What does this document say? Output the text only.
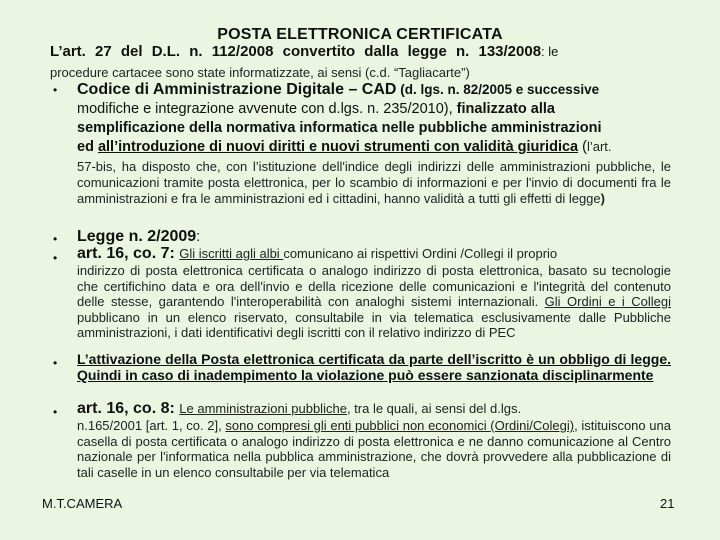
POSTA ELETTRONICA CERTIFICATA
L’art. 27 del D.L. n. 112/2008 convertito dalla legge n. 133/2008: le
procedure cartacee sono state informatizzate, ai sensi (c.d. “Tagliacarte”)
•	Codice di Amministrazione Digitale – CAD (d. lgs. n. 82/2005 e successive
modifiche e integrazione avvenute con d.lgs. n. 235/2010), finalizzato alla
semplificazione della normativa informatica nelle pubbliche amministrazioni
ed all’introduzione di nuovi diritti e nuovi strumenti con validità giuridica (l’art.
57-bis, ha disposto che, con l’istituzione dell'indice degli indirizzi delle amministrazioni pubbliche, le comunicazioni tramite posta elettronica, per lo scambio di informazioni e per l'invio di documenti fra le amministrazioni e fra le amministrazioni ed i cittadini, hanno validità a tutti gli effetti di legge)
•	Legge n. 2/2009:
•	art. 16, co. 7: Gli iscritti agli albi comunicano ai rispettivi Ordini /Collegi il proprio
indirizzo di posta elettronica certificata o analogo indirizzo di posta elettronica, basato su tecnologie che certifichino data e ora dell'invio e della ricezione delle comunicazioni e l'integrità del contenuto delle stesse, garantendo l'interoperabilità con analoghi sistemi internazionali. Gli Ordini e i Collegi pubblicano in un elenco riservato, consultabile in via telematica esclusivamente dalle Pubbliche amministrazioni, i dati identificativi degli iscritti con il relativo indirizzo di PEC
•	L’attivazione della Posta elettronica certificata da parte dell’iscritto è un obbligo di legge. Quindi in caso di inadempimento la violazione può essere sanzionata disciplinarmente
•	art. 16, co. 8: Le amministrazioni pubbliche, tra le quali, ai sensi del d.lgs.
n.165/2001 [art. 1, co. 2], sono compresi gli enti pubblici non economici (Ordini/Colegi), istituiscono una casella di posta certificata o analogo indirizzo di posta elettronica e ne danno comunicazione al Centro nazionale per l'informatica nella pubblica amministrazione, che dovrà provvedere alla pubblicazione di tali caselle in un elenco consultabile per via telematica
M.T.CAMERA	21
